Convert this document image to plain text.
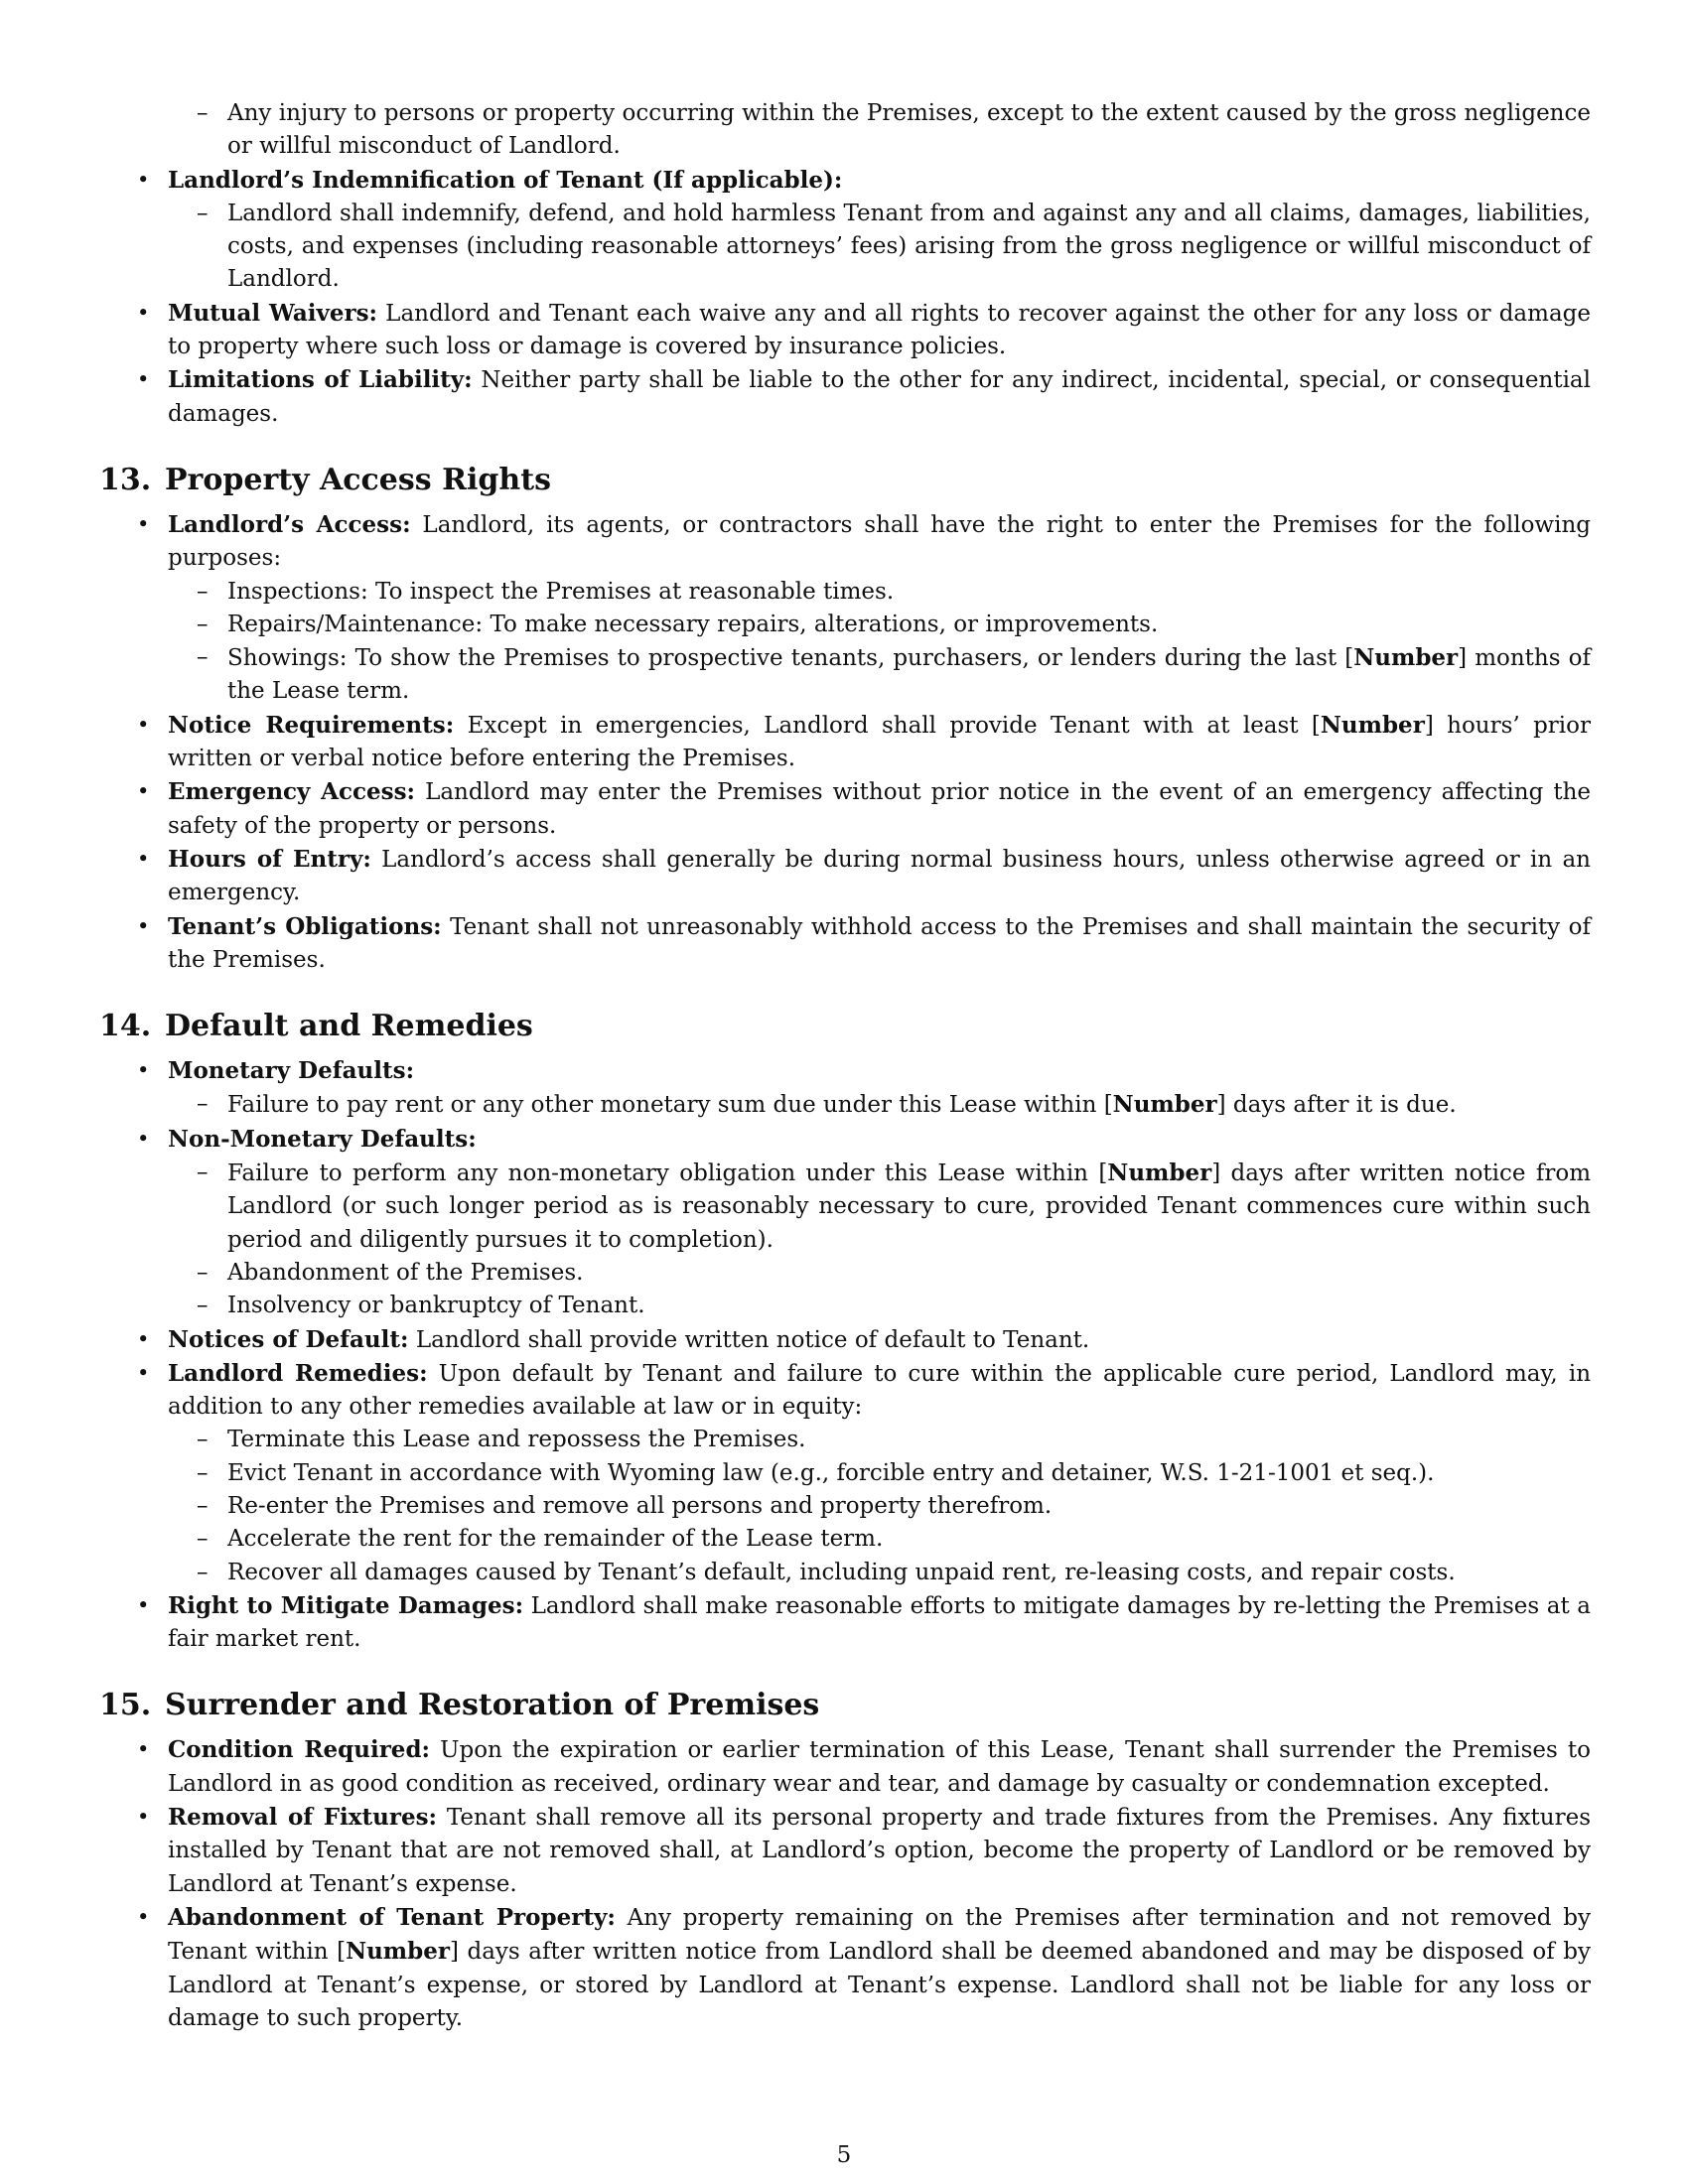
– Any injury to persons or property occurring within the Premises, except to the extent caused by the gross negligence or willful misconduct of Landlord.

• Landlord’s Indemnification of Tenant (If applicable):

– Landlord shall indemnify, defend, and hold harmless Tenant from and against any and all claims, damages, liabilities, costs, and expenses (including reasonable attorneys’ fees) arising from the gross negligence or willful misconduct of Landlord.

• Mutual Waivers: Landlord and Tenant each waive any and all rights to recover against the other for any loss or damage to property where such loss or damage is covered by insurance policies.

• Limitations of Liability: Neither party shall be liable to the other for any indirect, incidental, special, or consequential damages.

13. Property Access Rights

• Landlord’s Access: Landlord, its agents, or contractors shall have the right to enter the Premises for the following purposes:

– Inspections: To inspect the Premises at reasonable times.

– Repairs/Maintenance: To make necessary repairs, alterations, or improvements.

– Showings: To show the Premises to prospective tenants, purchasers, or lenders during the last [Number] months of the Lease term.

• Notice Requirements: Except in emergencies, Landlord shall provide Tenant with at least [Number] hours’ prior written or verbal notice before entering the Premises.

• Emergency Access: Landlord may enter the Premises without prior notice in the event of an emergency affecting the safety of the property or persons.

• Hours of Entry: Landlord’s access shall generally be during normal business hours, unless otherwise agreed or in an emergency.

• Tenant’s Obligations: Tenant shall not unreasonably withhold access to the Premises and shall maintain the security of the Premises.

14. Default and Remedies

• Monetary Defaults:

– Failure to pay rent or any other monetary sum due under this Lease within [Number] days after it is due.

• Non-Monetary Defaults:

– Failure to perform any non-monetary obligation under this Lease within [Number] days after written notice from Landlord (or such longer period as is reasonably necessary to cure, provided Tenant commences cure within such period and diligently pursues it to completion).

– Abandonment of the Premises.

– Insolvency or bankruptcy of Tenant.

• Notices of Default: Landlord shall provide written notice of default to Tenant.

• Landlord Remedies: Upon default by Tenant and failure to cure within the applicable cure period, Landlord may, in addition to any other remedies available at law or in equity:

– Terminate this Lease and repossess the Premises.

– Evict Tenant in accordance with Wyoming law (e.g., forcible entry and detainer, W.S. 1-21-1001 et seq.).

– Re-enter the Premises and remove all persons and property therefrom.

– Accelerate the rent for the remainder of the Lease term.

– Recover all damages caused by Tenant’s default, including unpaid rent, re-leasing costs, and repair costs.

• Right to Mitigate Damages: Landlord shall make reasonable efforts to mitigate damages by re-letting the Premises at a fair market rent.

15. Surrender and Restoration of Premises

• Condition Required: Upon the expiration or earlier termination of this Lease, Tenant shall surrender the Premises to Landlord in as good condition as received, ordinary wear and tear, and damage by casualty or condemnation excepted.

• Removal of Fixtures: Tenant shall remove all its personal property and trade fixtures from the Premises. Any fixtures installed by Tenant that are not removed shall, at Landlord’s option, become the property of Landlord or be removed by Landlord at Tenant’s expense.

• Abandonment of Tenant Property: Any property remaining on the Premises after termination and not removed by Tenant within [Number] days after written notice from Landlord shall be deemed abandoned and may be disposed of by Landlord at Tenant’s expense, or stored by Landlord at Tenant’s expense. Landlord shall not be liable for any loss or damage to such property.

5
